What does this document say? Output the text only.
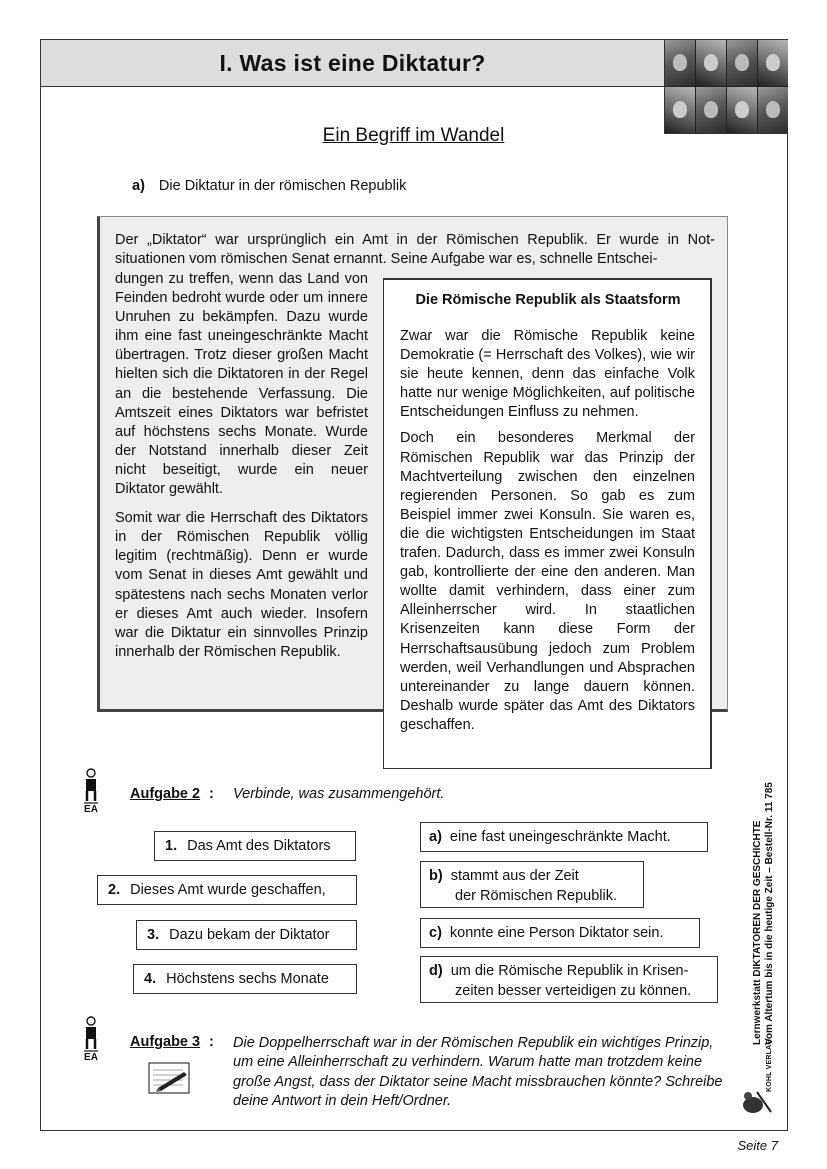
I. Was ist eine Diktatur?
Ein Begriff im Wandel
a) Die Diktatur in der römischen Republik
Der „Diktator“ war ursprünglich ein Amt in der Römischen Republik. Er wurde in Not-
situationen vom römischen Senat ernannt. Seine Aufgabe war es, schnelle Entschei-

dungen zu treffen, wenn das Land von Feinden bedroht wurde oder um innere Unruhen zu bekämpfen. Dazu wurde ihm eine fast uneingeschränkte Macht übertragen. Trotz dieser großen Macht hielten sich die Diktatoren in der Regel an die bestehende Verfassung. Die Amtszeit eines Diktators war befristet auf höchstens sechs Monate. Wurde der Notstand innerhalb dieser Zeit nicht beseitigt, wurde ein neuer Diktator gewählt.

Somit war die Herrschaft des Diktators in der Römischen Republik völlig legitim (rechtmäßig). Denn er wurde vom Senat in dieses Amt gewählt und spätestens nach sechs Monaten verlor er dieses Amt auch wieder. Insofern war die Diktatur ein sinnvolles Prinzip innerhalb der Römischen Republik.

Die Römische Republik als Staatsform

Zwar war die Römische Republik keine Demokratie (= Herrschaft des Volkes), wie wir sie heute kennen, denn das einfache Volk hatte nur wenige Möglichkeiten, auf politische Entscheidungen Einfluss zu nehmen.

Doch ein besonderes Merkmal der Römischen Republik war das Prinzip der Machtverteilung zwischen den einzelnen regierenden Personen. So gab es zum Beispiel immer zwei Konsuln. Sie waren es, die die wichtigsten Entscheidungen im Staat trafen. Dadurch, dass es immer zwei Konsuln gab, kontrollierte der eine den anderen. Man wollte damit verhindern, dass einer zum Alleinherrscher wird. In staatlichen Krisenzeiten kann diese Form der Herrschaftsausübung jedoch zum Problem werden, weil Verhandlungen und Absprachen untereinander zu lange dauern können. Deshalb wurde später das Amt des Diktators geschaffen.

EA
Aufgabe 2 : Verbinde, was zusammengehört.
1. Das Amt des Diktators
2. Dieses Amt wurde geschaffen,
3. Dazu bekam der Diktator
4. Höchstens sechs Monate
a) eine fast uneingeschränkte Macht.
b) stammt aus der Zeit
der Römischen Republik.
c) konnte eine Person Diktator sein.
d) um die Römische Republik in Krisen-
zeiten besser verteidigen zu können.
EA
Aufgabe 3 : Die Doppelherrschaft war in der Römischen Republik ein wichtiges Prinzip, um eine Alleinherrschaft zu verhindern. Warum hatte man trotzdem keine große Angst, dass der Diktator seine Macht missbrauchen könnte? Schreibe deine Antwort in dein Heft/Ordner.
Lernwerkstatt DIKTATOREN DER GESCHICHTE Vom Altertum bis in die heutige Zeit – Bestell-Nr. 11 785
KOHL VERLAG
Seite 7
